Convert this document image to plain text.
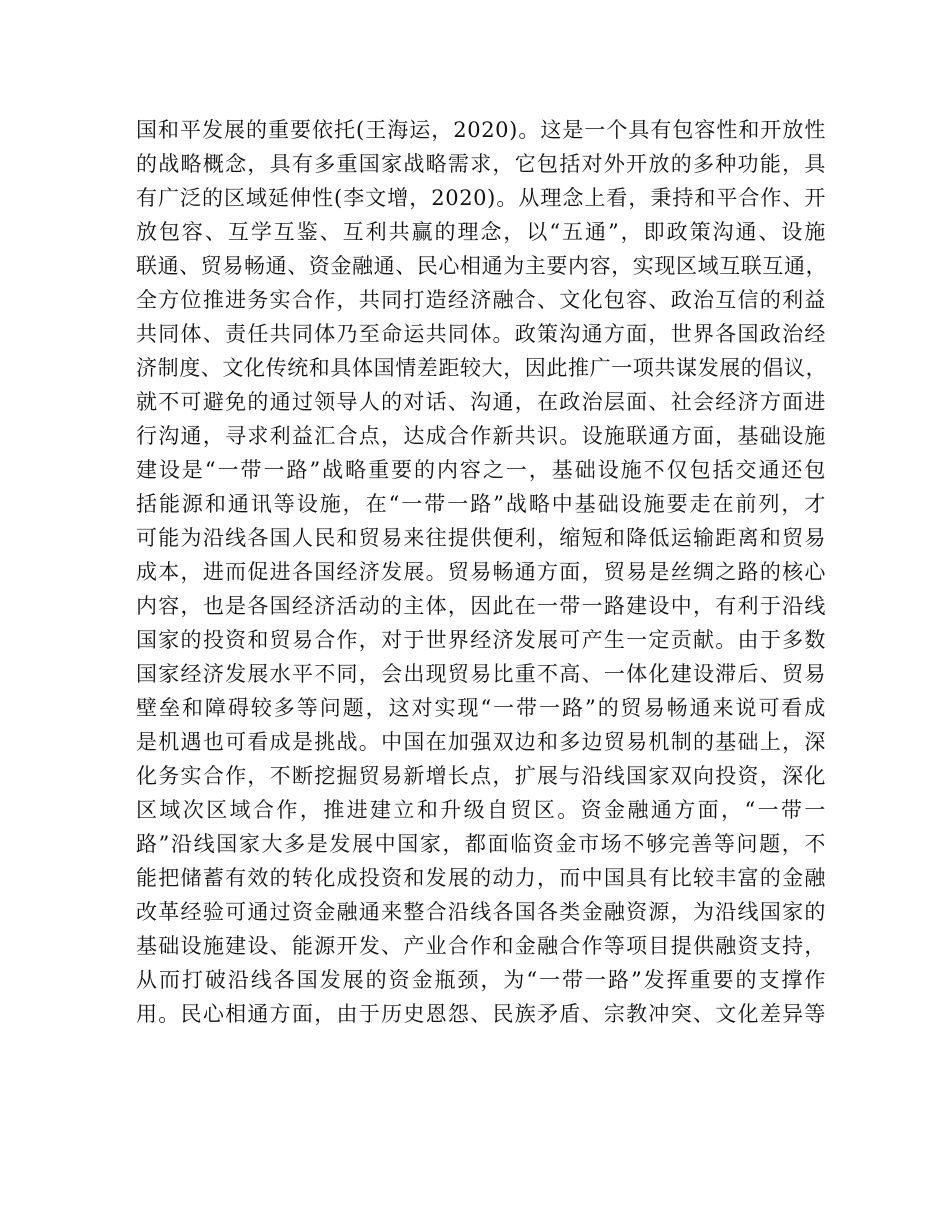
国和平发展的重要依托(王海运，2020)。这是一个具有包容性和开放性
的战略概念，具有多重国家战略需求，它包括对外开放的多种功能，具
有广泛的区域延伸性(李文增，2020)。从理念上看，秉持和平合作、开
放包容、互学互鉴、互利共赢的理念，以“五通”，即政策沟通、设施
联通、贸易畅通、资金融通、民心相通为主要内容，实现区域互联互通，
全方位推进务实合作，共同打造经济融合、文化包容、政治互信的利益
共同体、责任共同体乃至命运共同体。政策沟通方面，世界各国政治经
济制度、文化传统和具体国情差距较大，因此推广一项共谋发展的倡议，
就不可避免的通过领导人的对话、沟通，在政治层面、社会经济方面进
行沟通，寻求利益汇合点，达成合作新共识。设施联通方面，基础设施
建设是“一带一路”战略重要的内容之一，基础设施不仅包括交通还包
括能源和通讯等设施，在“一带一路”战略中基础设施要走在前列，才
可能为沿线各国人民和贸易来往提供便利，缩短和降低运输距离和贸易
成本，进而促进各国经济发展。贸易畅通方面，贸易是丝绸之路的核心
内容，也是各国经济活动的主体，因此在一带一路建设中，有利于沿线
国家的投资和贸易合作，对于世界经济发展可产生一定贡献。由于多数
国家经济发展水平不同，会出现贸易比重不高、一体化建设滞后、贸易
壁垒和障碍较多等问题，这对实现“一带一路”的贸易畅通来说可看成
是机遇也可看成是挑战。中国在加强双边和多边贸易机制的基础上，深
化务实合作，不断挖掘贸易新增长点，扩展与沿线国家双向投资，深化
区域次区域合作，推进建立和升级自贸区。资金融通方面，“一带一
路”沿线国家大多是发展中国家，都面临资金市场不够完善等问题，不
能把储蓄有效的转化成投资和发展的动力，而中国具有比较丰富的金融
改革经验可通过资金融通来整合沿线各国各类金融资源，为沿线国家的
基础设施建设、能源开发、产业合作和金融合作等项目提供融资支持，
从而打破沿线各国发展的资金瓶颈，为“一带一路”发挥重要的支撑作
用。民心相通方面，由于历史恩怨、民族矛盾、宗教冲突、文化差异等
